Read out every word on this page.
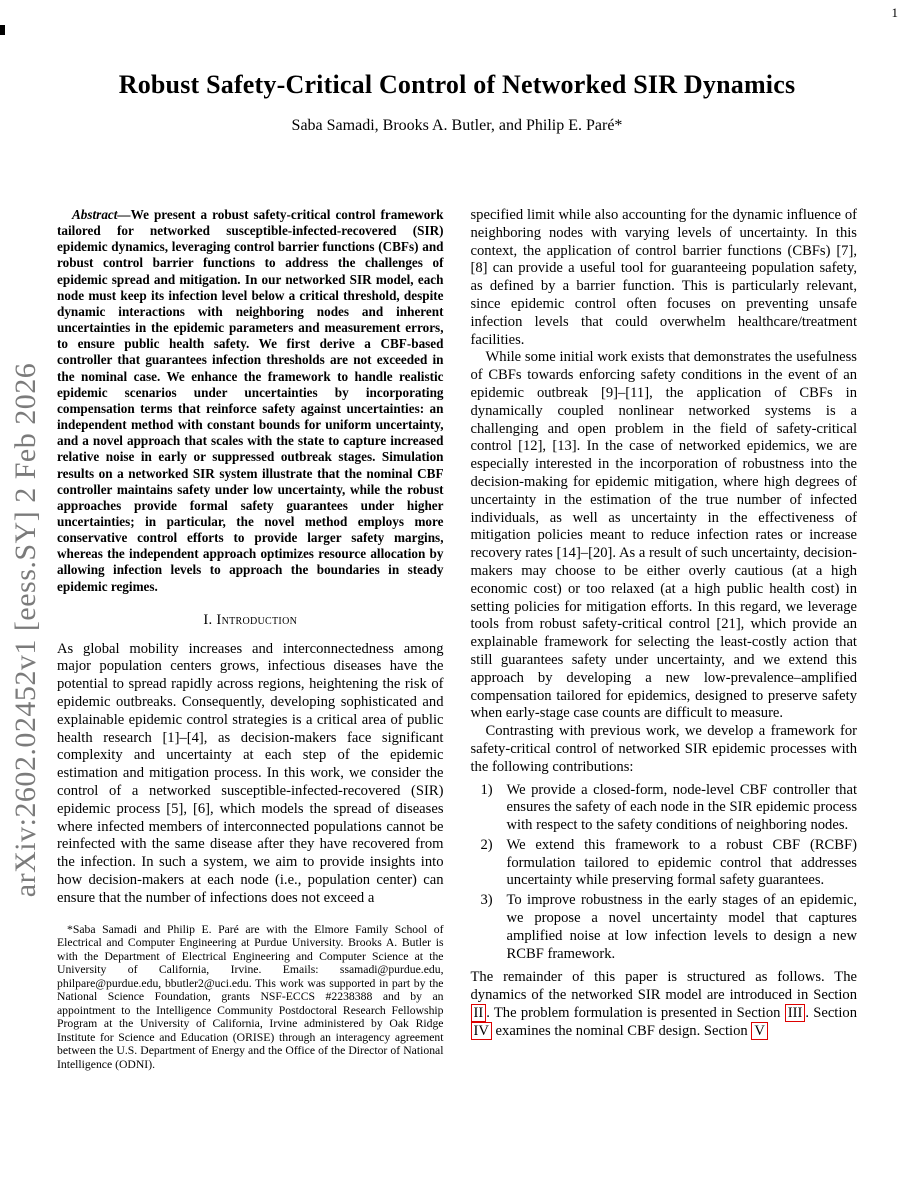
1
arXiv:2602.02452v1 [eess.SY] 2 Feb 2026
Robust Safety-Critical Control of Networked SIR Dynamics
Saba Samadi, Brooks A. Butler, and Philip E. Paré*

Abstract—We present a robust safety-critical control framework tailored for networked susceptible-infected-recovered (SIR) epidemic dynamics, leveraging control barrier functions (CBFs) and robust control barrier functions to address the challenges of epidemic spread and mitigation. In our networked SIR model, each node must keep its infection level below a critical threshold, despite dynamic interactions with neighboring nodes and inherent uncertainties in the epidemic parameters and measurement errors, to ensure public health safety. We first derive a CBF-based controller that guarantees infection thresholds are not exceeded in the nominal case. We enhance the framework to handle realistic epidemic scenarios under uncertainties by incorporating compensation terms that reinforce safety against uncertainties: an independent method with constant bounds for uniform uncertainty, and a novel approach that scales with the state to capture increased relative noise in early or suppressed outbreak stages. Simulation results on a networked SIR system illustrate that the nominal CBF controller maintains safety under low uncertainty, while the robust approaches provide formal safety guarantees under higher uncertainties; in particular, the novel method employs more conservative control efforts to provide larger safety margins, whereas the independent approach optimizes resource allocation by allowing infection levels to approach the boundaries in steady epidemic regimes.

I. Introduction

As global mobility increases and interconnectedness among major population centers grows, infectious diseases have the potential to spread rapidly across regions, heightening the risk of epidemic outbreaks. Consequently, developing sophisticated and explainable epidemic control strategies is a critical area of public health research [1]–[4], as decision-makers face significant complexity and uncertainty at each step of the epidemic estimation and mitigation process. In this work, we consider the control of a networked susceptible-infected-recovered (SIR) epidemic process [5], [6], which models the spread of diseases where infected members of interconnected populations cannot be reinfected with the same disease after they have recovered from the infection. In such a system, we aim to provide insights into how decision-makers at each node (i.e., population center) can ensure that the number of infections does not exceed a

*Saba Samadi and Philip E. Paré are with the Elmore Family School of Electrical and Computer Engineering at Purdue University. Brooks A. Butler is with the Department of Electrical Engineering and Computer Science at the University of California, Irvine. Emails: ssamadi@purdue.edu, philpare@purdue.edu, bbutler2@uci.edu. This work was supported in part by the National Science Foundation, grants NSF-ECCS #2238388 and by an appointment to the Intelligence Community Postdoctoral Research Fellowship Program at the University of California, Irvine administered by Oak Ridge Institute for Science and Education (ORISE) through an interagency agreement between the U.S. Department of Energy and the Office of the Director of National Intelligence (ODNI).

specified limit while also accounting for the dynamic influence of neighboring nodes with varying levels of uncertainty. In this context, the application of control barrier functions (CBFs) [7], [8] can provide a useful tool for guaranteeing population safety, as defined by a barrier function. This is particularly relevant, since epidemic control often focuses on preventing unsafe infection levels that could overwhelm healthcare/treatment facilities.

While some initial work exists that demonstrates the usefulness of CBFs towards enforcing safety conditions in the event of an epidemic outbreak [9]–[11], the application of CBFs in dynamically coupled nonlinear networked systems is a challenging and open problem in the field of safety-critical control [12], [13]. In the case of networked epidemics, we are especially interested in the incorporation of robustness into the decision-making for epidemic mitigation, where high degrees of uncertainty in the estimation of the true number of infected individuals, as well as uncertainty in the effectiveness of mitigation policies meant to reduce infection rates or increase recovery rates [14]–[20]. As a result of such uncertainty, decision-makers may choose to be either overly cautious (at a high economic cost) or too relaxed (at a high public health cost) in setting policies for mitigation efforts. In this regard, we leverage tools from robust safety-critical control [21], which provide an explainable framework for selecting the least-costly action that still guarantees safety under uncertainty, and we extend this approach by developing a new low-prevalence–amplified compensation tailored for epidemics, designed to preserve safety when early-stage case counts are difficult to measure.

Contrasting with previous work, we develop a framework for safety-critical control of networked SIR epidemic processes with the following contributions:

1) We provide a closed-form, node-level CBF controller that ensures the safety of each node in the SIR epidemic process with respect to the safety conditions of neighboring nodes.
2) We extend this framework to a robust CBF (RCBF) formulation tailored to epidemic control that addresses uncertainty while preserving formal safety guarantees.
3) To improve robustness in the early stages of an epidemic, we propose a novel uncertainty model that captures amplified noise at low infection levels to design a new RCBF framework.

The remainder of this paper is structured as follows. The dynamics of the networked SIR model are introduced in Section II . The problem formulation is presented in Section III . Section IV examines the nominal CBF design. Section V
